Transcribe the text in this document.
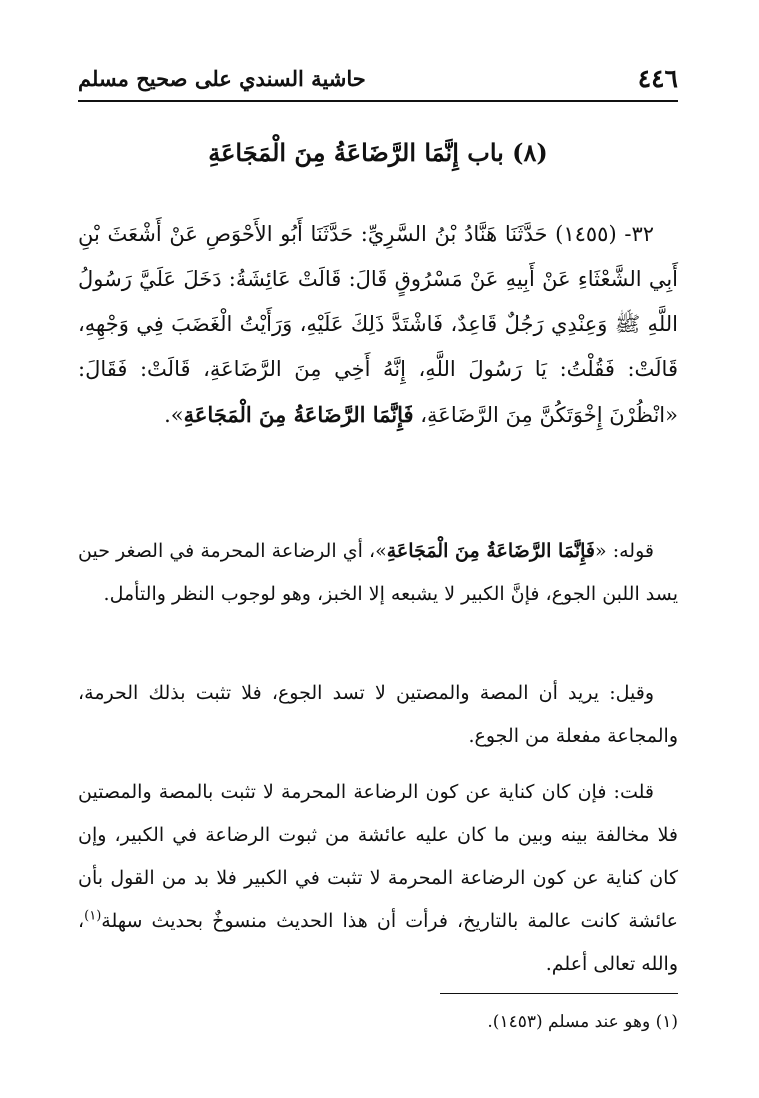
٤٤٦
حاشية السندي على صحيح مسلم
(٨) باب إِنَّمَا الرَّضَاعَةُ مِنَ الْمَجَاعَةِ
٣٢- (١٤٥٥) حَدَّثَنَا هَنَّادُ بْنُ السَّرِيِّ: حَدَّثَنَا أَبُو الأَحْوَصِ عَنْ أَشْعَثَ بْنِ أَبِي الشَّعْثَاءِ عَنْ أَبِيهِ عَنْ مَسْرُوقٍ قَالَ: قَالَتْ عَائِشَةُ: دَخَلَ عَلَيَّ رَسُولُ اللَّهِ ﷺ وَعِنْدِي رَجُلٌ قَاعِدٌ، فَاشْتَدَّ ذَلِكَ عَلَيْهِ، وَرَأَيْتُ الْغَضَبَ فِي وَجْهِهِ، قَالَتْ: فَقُلْتُ: يَا رَسُولَ اللَّهِ، إِنَّهُ أَخِي مِنَ الرَّضَاعَةِ، قَالَتْ: فَقَالَ: «انْظُرْنَ إِخْوَتَكُنَّ مِنَ الرَّضَاعَةِ، فَإِنَّمَا الرَّضَاعَةُ مِنَ الْمَجَاعَةِ».
قوله: «فَإِنَّمَا الرَّضَاعَةُ مِنَ الْمَجَاعَةِ»، أي الرضاعة المحرمة في الصغر حين يسد اللبن الجوع، فإنَّ الكبير لا يشبعه إلا الخبز، وهو لوجوب النظر والتأمل.
وقيل: يريد أن المصة والمصتين لا تسد الجوع، فلا تثبت بذلك الحرمة، والمجاعة مفعلة من الجوع.
قلت: فإن كان كناية عن كون الرضاعة المحرمة لا تثبت بالمصة والمصتين فلا مخالفة بينه وبين ما كان عليه عائشة من ثبوت الرضاعة في الكبير، وإن كان كناية عن كون الرضاعة المحرمة لا تثبت في الكبير فلا بد من القول بأن عائشة كانت عالمة بالتاريخ، فرأت أن هذا الحديث منسوخٌ بحديث سهلة$^{(١)}$، والله تعالى أعلم.
(١) وهو عند مسلم (١٤٥٣).
